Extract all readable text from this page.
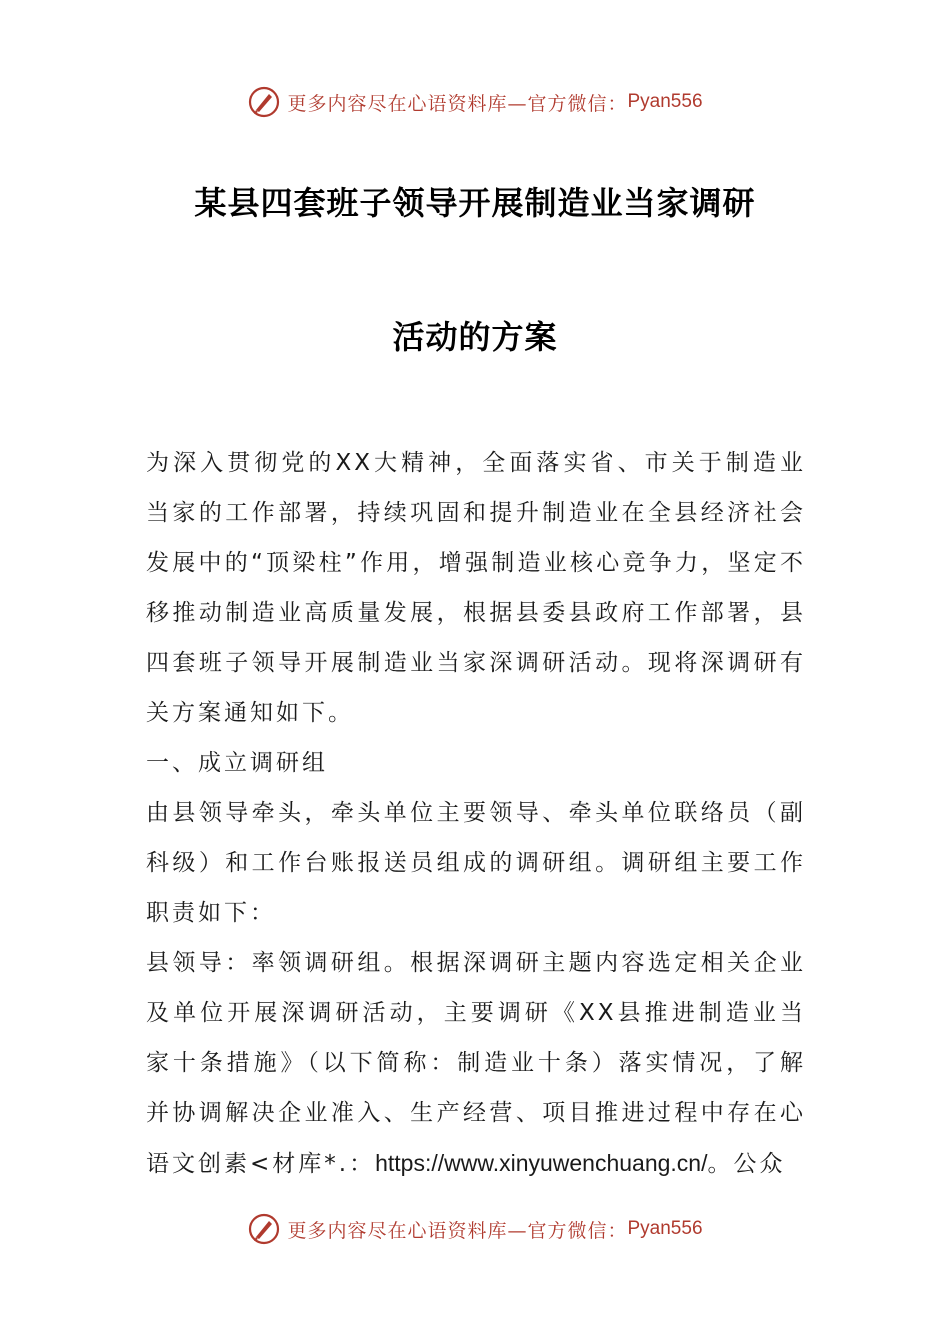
更多内容尽在心语资料库—官方微信： Pyan556
某县四套班子领导开展制造业当家调研
活动的方案

为深入贯彻党的XX大精神，全面落实省、市关于制造业当家的工作部署，持续巩固和提升制造业在全县经济社会发展中的“顶梁柱”作用，增强制造业核心竞争力，坚定不移推动制造业高质量发展，根据县委县政府工作部署，县四套班子领导开展制造业当家深调研活动。现将深调研有关方案通知如下。

一、成立调研组

由县领导牵头，牵头单位主要领导、牵头单位联络员（副科级）和工作台账报送员组成的调研组。调研组主要工作职责如下：

县领导：率领调研组。根据深调研主题内容选定相关企业及单位开展深调研活动，主要调研《XX县推进制造业当家十条措施》（以下简称：制造业十条）落实情况，了解并协调解决企业准入、生产经营、项目推进过程中存在心语文创素<材库*.：https://www.xinyuwenchuang.cn/。公众

更多内容尽在心语资料库—官方微信： Pyan556
